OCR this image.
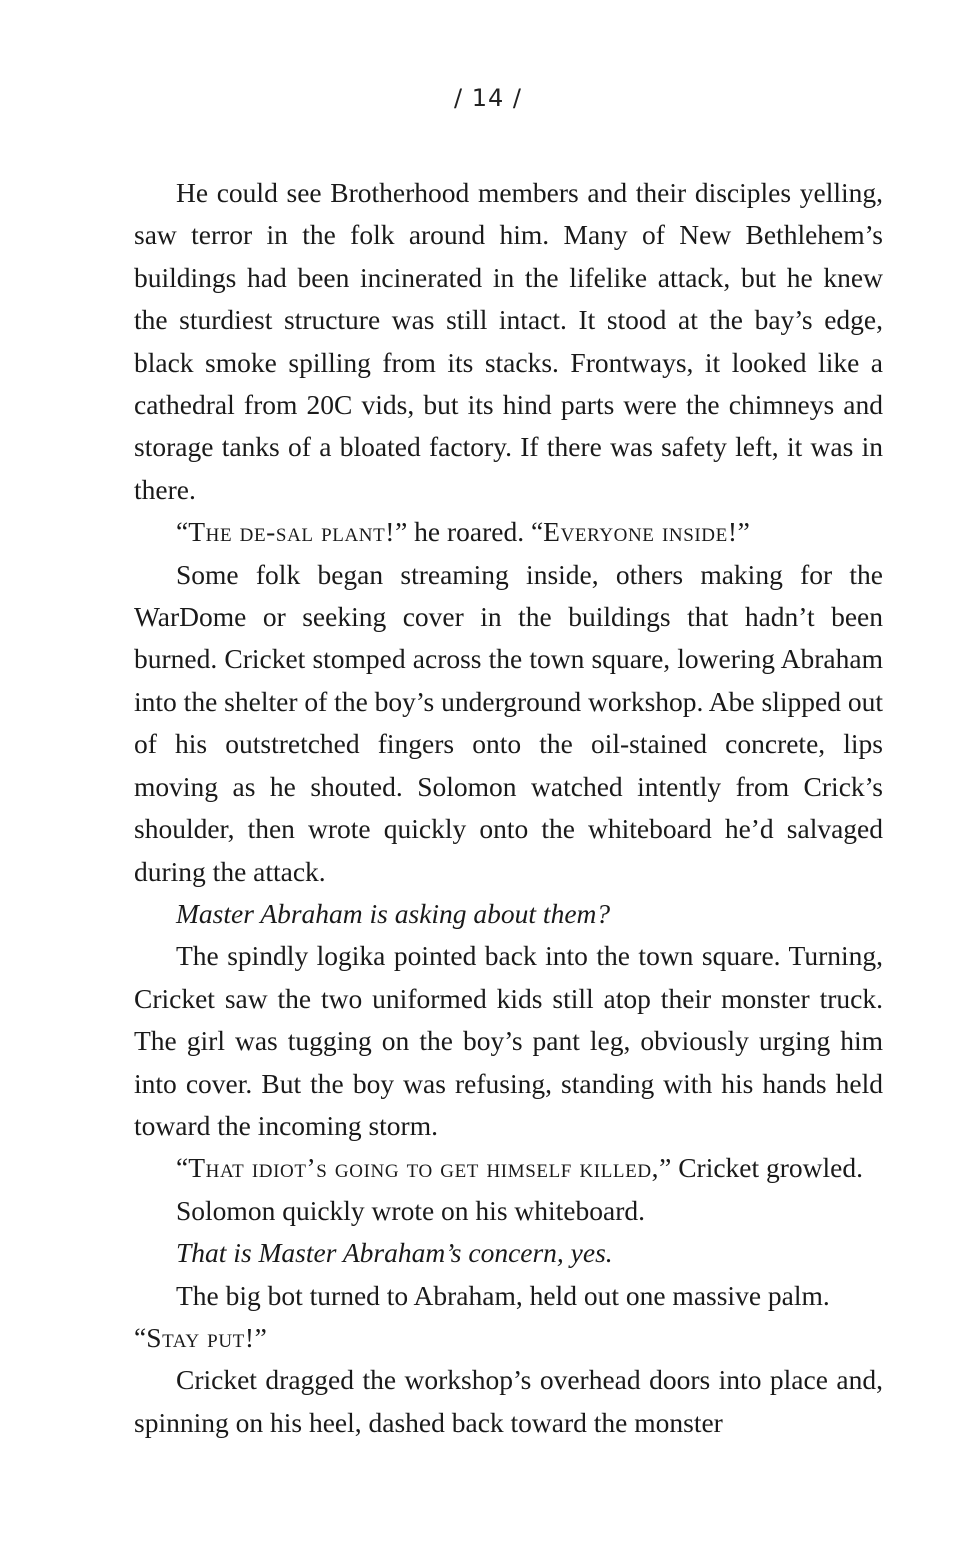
/ 14 /

He could see Brotherhood members and their disciples yelling, saw terror in the folk around him. Many of New Bethlehem’s buildings had been incinerated in the lifelike attack, but he knew the sturdiest structure was still intact. It stood at the bay’s edge, black smoke spilling from its stacks. Frontways, it looked like a cathedral from 20C vids, but its hind parts were the chimneys and storage tanks of a bloated factory. If there was safety left, it was in there.

“The de-sal plant!” he roared. “Everyone inside!”

Some folk began streaming inside, others making for the WarDome or seeking cover in the buildings that hadn’t been burned. Cricket stomped across the town square, lowering Abraham into the shelter of the boy’s underground workshop. Abe slipped out of his outstretched fingers onto the oil-stained concrete, lips moving as he shouted. Solomon watched intently from Crick’s shoulder, then wrote quickly onto the whiteboard he’d salvaged during the attack.

Master Abraham is asking about them?

The spindly logika pointed back into the town square. Turning, Cricket saw the two uniformed kids still atop their monster truck. The girl was tugging on the boy’s pant leg, obviously urging him into cover. But the boy was refusing, standing with his hands held toward the incoming storm.

“That idiot’s going to get himself killed,” Cricket growled.

Solomon quickly wrote on his whiteboard.

That is Master Abraham’s concern, yes.

The big bot turned to Abraham, held out one massive palm.

“Stay put!”

Cricket dragged the workshop’s overhead doors into place and, spinning on his heel, dashed back toward the monster
